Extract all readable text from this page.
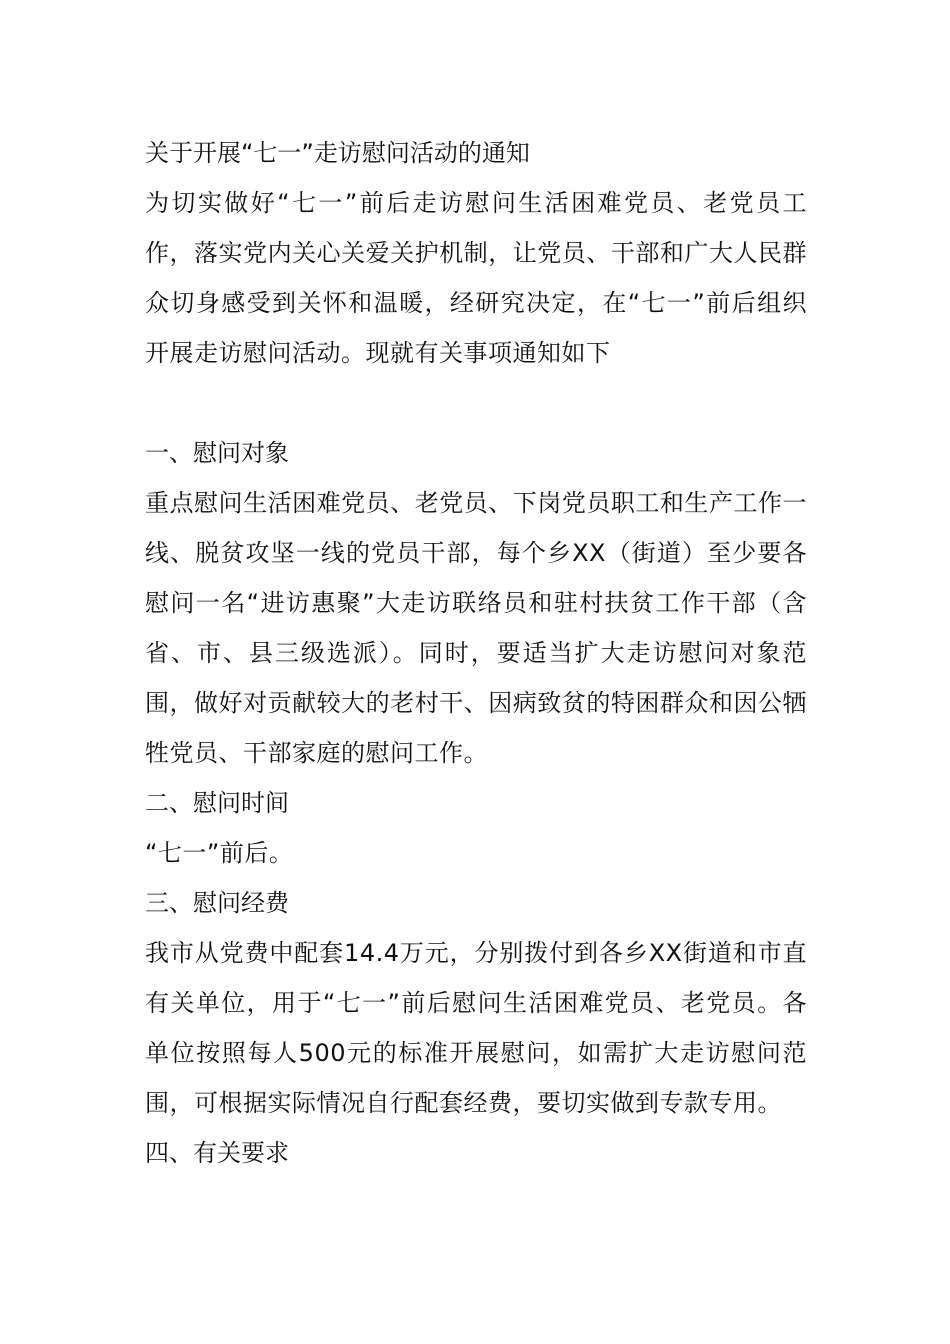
关于开展“七一”走访慰问活动的通知

为切实做好“七一”前后走访慰问生活困难党员、老党员工作，落实党内关心关爱关护机制，让党员、干部和广大人民群众切身感受到关怀和温暖，经研究决定，在“七一”前后组织开展走访慰问活动。现就有关事项通知如下

一、慰问对象

重点慰问生活困难党员、老党员、下岗党员职工和生产工作一线、脱贫攻坚一线的党员干部，每个乡XX（街道）至少要各慰问一名“进访惠聚”大走访联络员和驻村扶贫工作干部（含省、市、县三级选派）。同时，要适当扩大走访慰问对象范围，做好对贡献较大的老村干、因病致贫的特困群众和因公牺牲党员、干部家庭的慰问工作。

二、慰问时间

“七一”前后。

三、慰问经费

我市从党费中配套14.4万元，分别拨付到各乡XX街道和市直有关单位，用于“七一”前后慰问生活困难党员、老党员。各单位按照每人500元的标准开展慰问，如需扩大走访慰问范围，可根据实际情况自行配套经费，要切实做到专款专用。

四、有关要求
